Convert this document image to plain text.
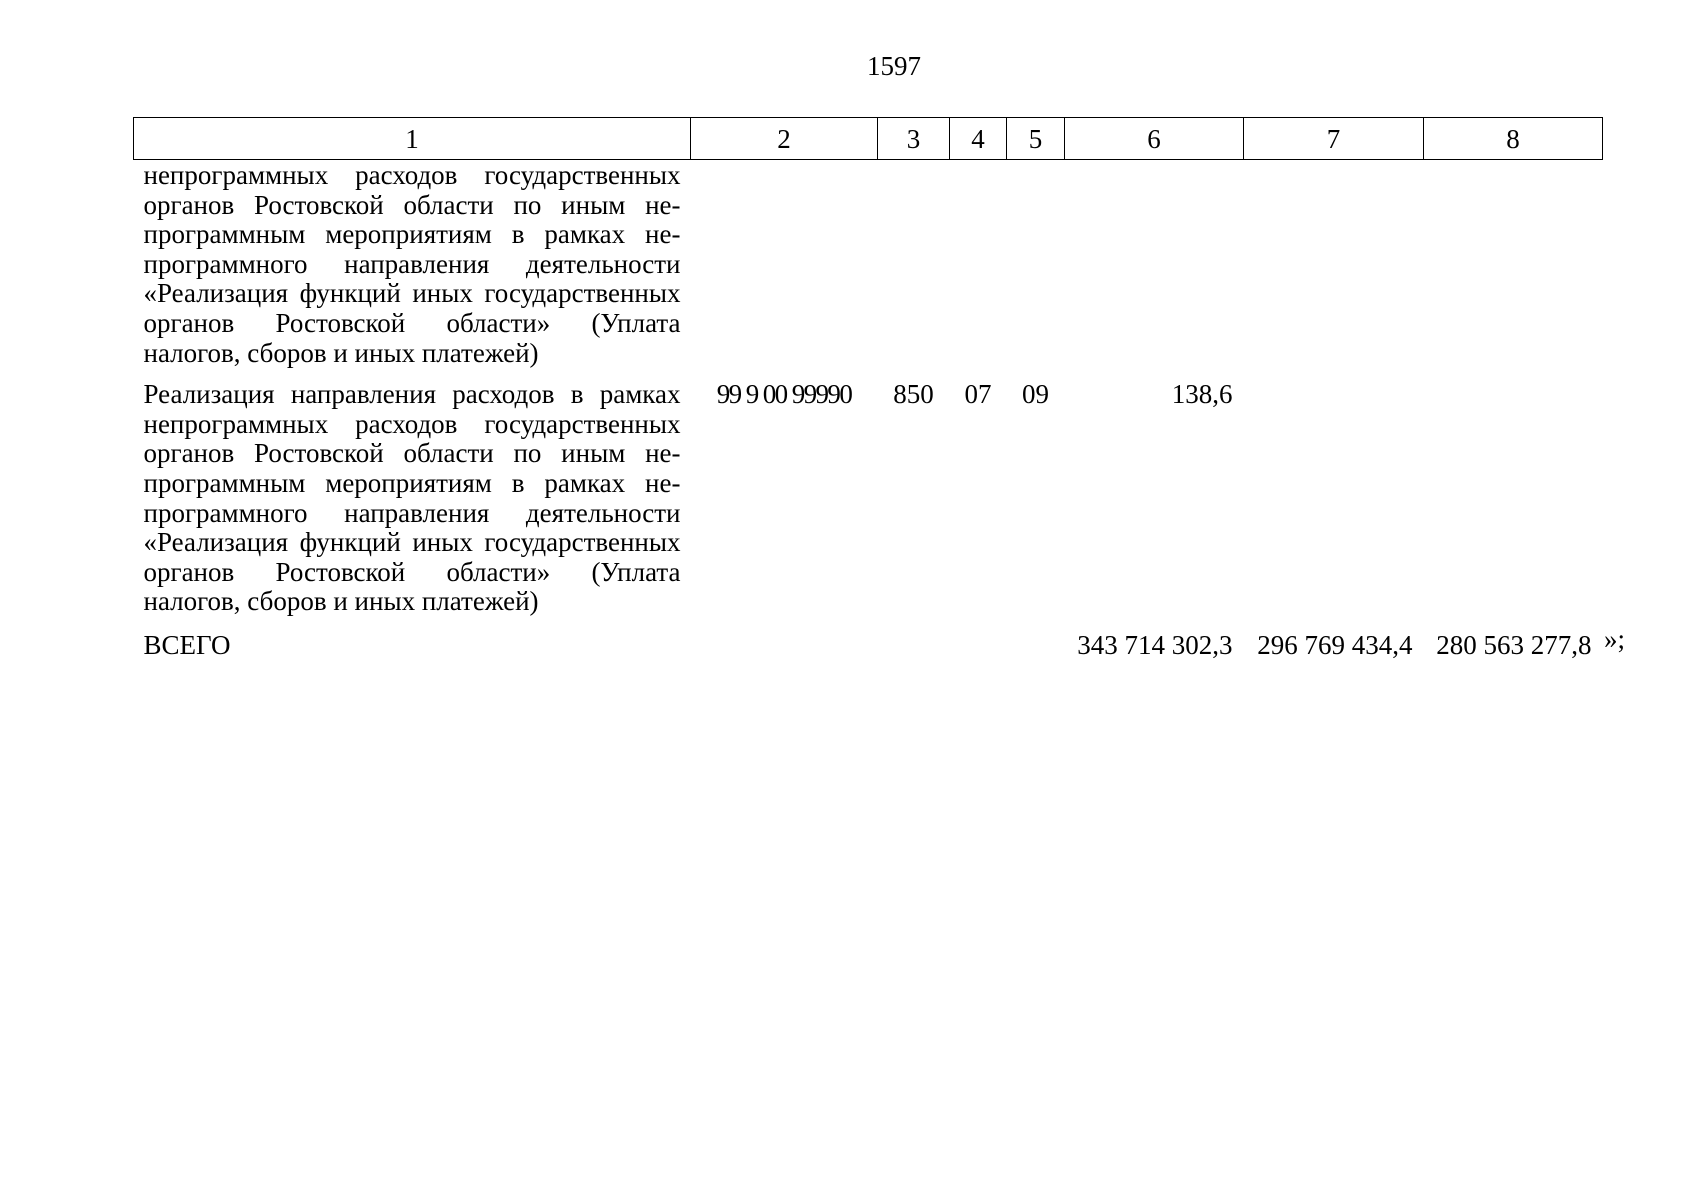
1597
1	2	3	4	5	6	7	8
непрограммных расходов государственных органов Ростовской области по иным непрограммным мероприятиям в рамках непрограммного направления деятельности «Реализация функций иных государственных органов Ростовской области» (Уплата налогов, сборов и иных платежей)							
Реализация направления расходов в рамках непрограммных расходов государственных органов Ростовской области по иным непрограммным мероприятиям в рамках непрограммного направления деятельности «Реализация функций иных государственных органов Ростовской области» (Уплата налогов, сборов и иных платежей)	99 9 00 99990	850	07	09	138,6		
ВСЕГО					343 714 302,3	296 769 434,4	280 563 277,8 »;
